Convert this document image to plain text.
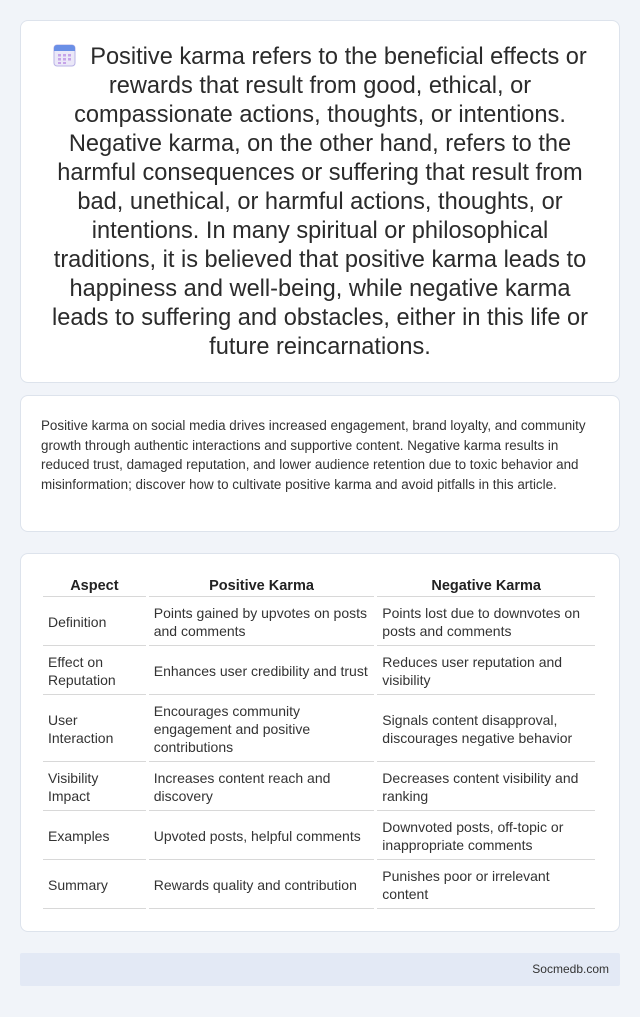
Positive karma refers to the beneficial effects or rewards that result from good, ethical, or compassionate actions, thoughts, or intentions. Negative karma, on the other hand, refers to the harmful consequences or suffering that result from bad, unethical, or harmful actions, thoughts, or intentions. In many spiritual or philosophical traditions, it is believed that positive karma leads to happiness and well-being, while negative karma leads to suffering and obstacles, either in this life or future reincarnations.

Positive karma on social media drives increased engagement, brand loyalty, and community growth through authentic interactions and supportive content. Negative karma results in reduced trust, damaged reputation, and lower audience retention due to toxic behavior and misinformation; discover how to cultivate positive karma and avoid pitfalls in this article.

Aspect	Positive Karma	Negative Karma
Definition	Points gained by upvotes on posts and comments	Points lost due to downvotes on posts and comments
Effect on Reputation	Enhances user credibility and trust	Reduces user reputation and visibility
User Interaction	Encourages community engagement and positive contributions	Signals content disapproval, discourages negative behavior
Visibility Impact	Increases content reach and discovery	Decreases content visibility and ranking
Examples	Upvoted posts, helpful comments	Downvoted posts, off-topic or inappropriate comments
Summary	Rewards quality and contribution	Punishes poor or irrelevant content
Socmedb.com
